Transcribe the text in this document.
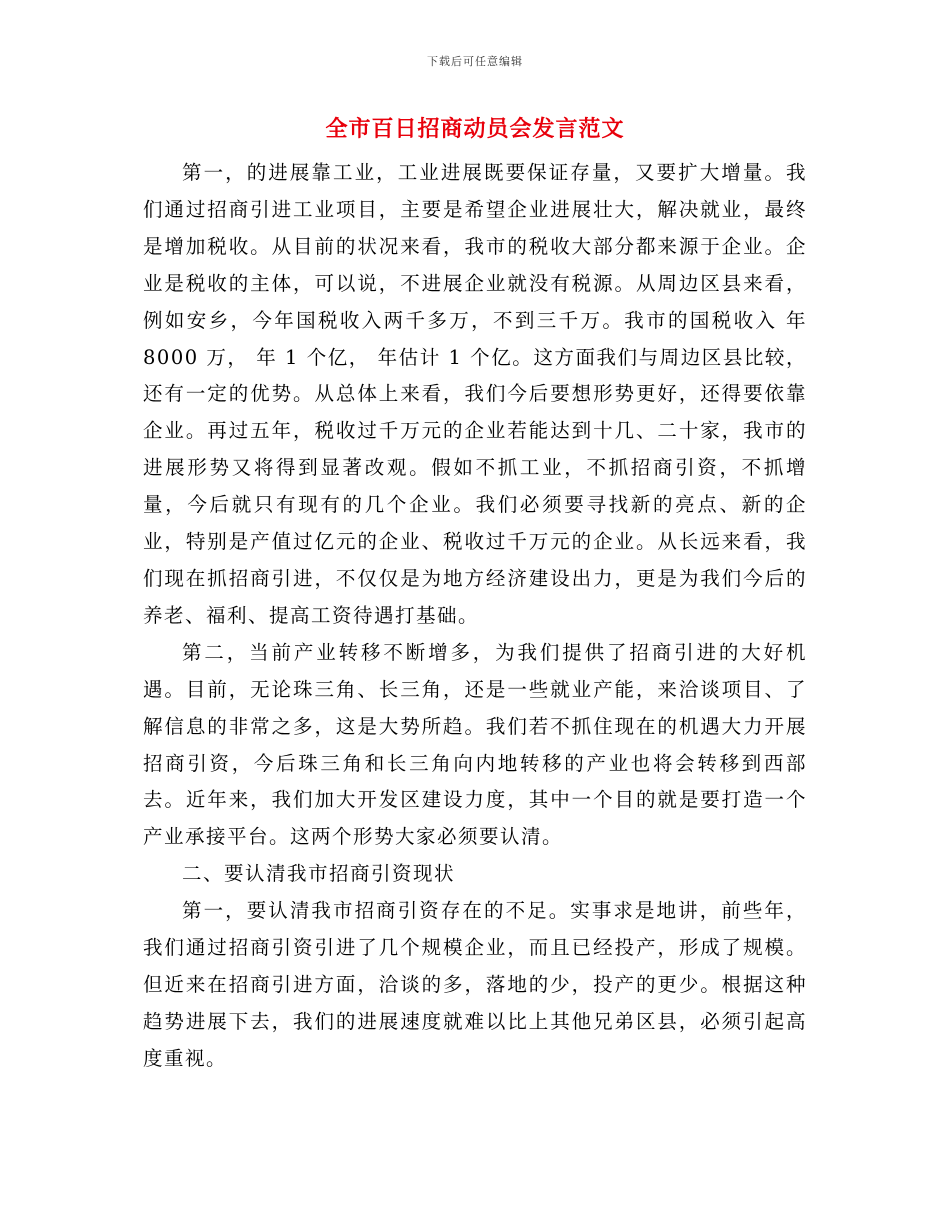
下载后可任意编辑
全市百日招商动员会发言范文

第一，的进展靠工业，工业进展既要保证存量，又要扩大增量。我们通过招商引进工业项目，主要是希望企业进展壮大，解决就业，最终是增加税收。从目前的状况来看，我市的税收大部分都来源于企业。企业是税收的主体，可以说，不进展企业就没有税源。从周边区县来看，例如安乡，今年国税收入两千多万，不到三千万。我市的国税收入 年 8000 万， 年 1 个亿， 年估计 1 个亿。这方面我们与周边区县比较，还有一定的优势。从总体上来看，我们今后要想形势更好，还得要依靠企业。再过五年，税收过千万元的企业若能达到十几、二十家，我市的进展形势又将得到显著改观。假如不抓工业，不抓招商引资，不抓增量，今后就只有现有的几个企业。我们必须要寻找新的亮点、新的企业，特别是产值过亿元的企业、税收过千万元的企业。从长远来看，我们现在抓招商引进，不仅仅是为地方经济建设出力，更是为我们今后的养老、福利、提高工资待遇打基础。

第二，当前产业转移不断增多，为我们提供了招商引进的大好机遇。目前，无论珠三角、长三角，还是一些就业产能，来洽谈项目、了解信息的非常之多，这是大势所趋。我们若不抓住现在的机遇大力开展招商引资，今后珠三角和长三角向内地转移的产业也将会转移到西部去。近年来，我们加大开发区建设力度，其中一个目的就是要打造一个产业承接平台。这两个形势大家必须要认清。

二、要认清我市招商引资现状

第一，要认清我市招商引资存在的不足。实事求是地讲，前些年，我们通过招商引资引进了几个规模企业，而且已经投产，形成了规模。但近来在招商引进方面，洽谈的多，落地的少，投产的更少。根据这种趋势进展下去，我们的进展速度就难以比上其他兄弟区县，必须引起高度重视。
